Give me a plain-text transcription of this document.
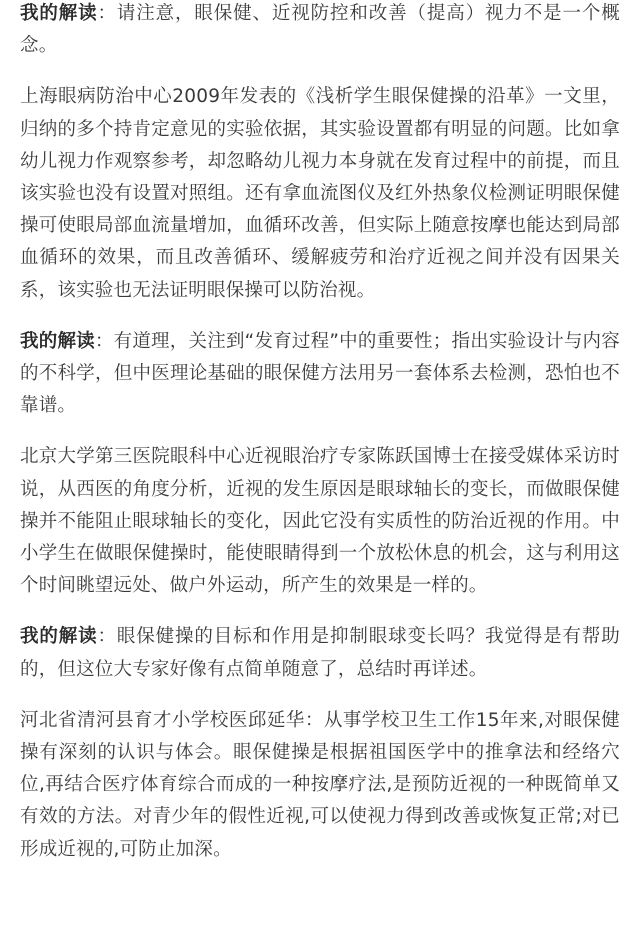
我的解读：请注意，眼保健、近视防控和改善（提高）视力不是一个概念。

上海眼病防治中心2009年发表的《浅析学生眼保健操的沿革》一文里，归纳的多个持肯定意见的实验依据，其实验设置都有明显的问题。比如拿幼儿视力作观察参考，却忽略幼儿视力本身就在发育过程中的前提，而且该实验也没有设置对照组。还有拿血流图仪及红外热象仪检测证明眼保健操可使眼局部血流量增加，血循环改善，但实际上随意按摩也能达到局部血循环的效果，而且改善循环、缓解疲劳和治疗近视之间并没有因果关系，该实验也无法证明眼保操可以防治视。

我的解读：有道理，关注到“发育过程”中的重要性；指出实验设计与内容的不科学，但中医理论基础的眼保健方法用另一套体系去检测，恐怕也不靠谱。

北京大学第三医院眼科中心近视眼治疗专家陈跃国博士在接受媒体采访时说，从西医的角度分析，近视的发生原因是眼球轴长的变长，而做眼保健操并不能阻止眼球轴长的变化，因此它没有实质性的防治近视的作用。中小学生在做眼保健操时，能使眼睛得到一个放松休息的机会，这与利用这个时间眺望远处、做户外运动，所产生的效果是一样的。

我的解读：眼保健操的目标和作用是抑制眼球变长吗？我觉得是有帮助的，但这位大专家好像有点简单随意了，总结时再详述。

河北省清河县育才小学校医邱延华：从事学校卫生工作15年来,对眼保健操有深刻的认识与体会。眼保健操是根据祖国医学中的推拿法和经络穴位,再结合医疗体育综合而成的一种按摩疗法,是预防近视的一种既简单又有效的方法。对青少年的假性近视,可以使视力得到改善或恢复正常;对已形成近视的,可防止加深。
